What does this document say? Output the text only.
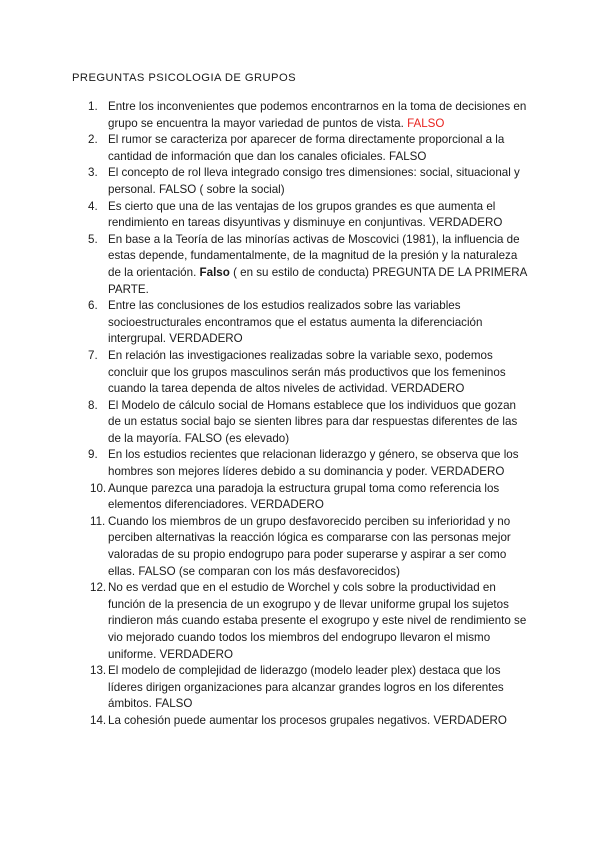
PREGUNTAS PSICOLOGIA DE GRUPOS
1. Entre los inconvenientes que podemos encontrarnos en la toma de decisiones en grupo se encuentra la mayor variedad de puntos de vista. FALSO
2. El rumor se caracteriza por aparecer de forma directamente proporcional a la cantidad de información que dan los canales oficiales. FALSO
3. El concepto de rol lleva integrado consigo tres dimensiones: social, situacional y personal. FALSO ( sobre la social)
4. Es cierto que una de las ventajas de los grupos grandes es que aumenta el rendimiento en tareas disyuntivas y disminuye en conjuntivas. VERDADERO
5. En base a la Teoría de las minorías activas de Moscovici (1981), la influencia de estas depende, fundamentalmente, de la magnitud de la presión y la naturaleza de la orientación. Falso ( en su estilo de conducta) PREGUNTA DE LA PRIMERA PARTE.
6. Entre las conclusiones de los estudios realizados sobre las variables socioestructurales encontramos que el estatus aumenta la diferenciación intergrupal. VERDADERO
7. En relación las investigaciones realizadas sobre la variable sexo, podemos concluir que los grupos masculinos serán más productivos que los femeninos cuando la tarea dependa de altos niveles de actividad. VERDADERO
8. El Modelo de cálculo social de Homans establece que los individuos que gozan de un estatus social bajo se sienten libres para dar respuestas diferentes de las de la mayoría. FALSO (es elevado)
9. En los estudios recientes que relacionan liderazgo y género, se observa que los hombres son mejores líderes debido a su dominancia y poder. VERDADERO
10. Aunque parezca una paradoja la estructura grupal toma como referencia los elementos diferenciadores. VERDADERO
11. Cuando los miembros de un grupo desfavorecido perciben su inferioridad y no perciben alternativas la reacción lógica es compararse con las personas mejor valoradas de su propio endogrupo para poder superarse y aspirar a ser como ellas. FALSO (se comparan con los más desfavorecidos)
12. No es verdad que en el estudio de Worchel y cols sobre la productividad en función de la presencia de un exogrupo y de llevar uniforme grupal los sujetos rindieron más cuando estaba presente el exogrupo y este nivel de rendimiento se vio mejorado cuando todos los miembros del endogrupo llevaron el mismo uniforme. VERDADERO
13. El modelo de complejidad de liderazgo (modelo leader plex) destaca que los líderes dirigen organizaciones para alcanzar grandes logros en los diferentes ámbitos. FALSO
14. La cohesión puede aumentar los procesos grupales negativos. VERDADERO
